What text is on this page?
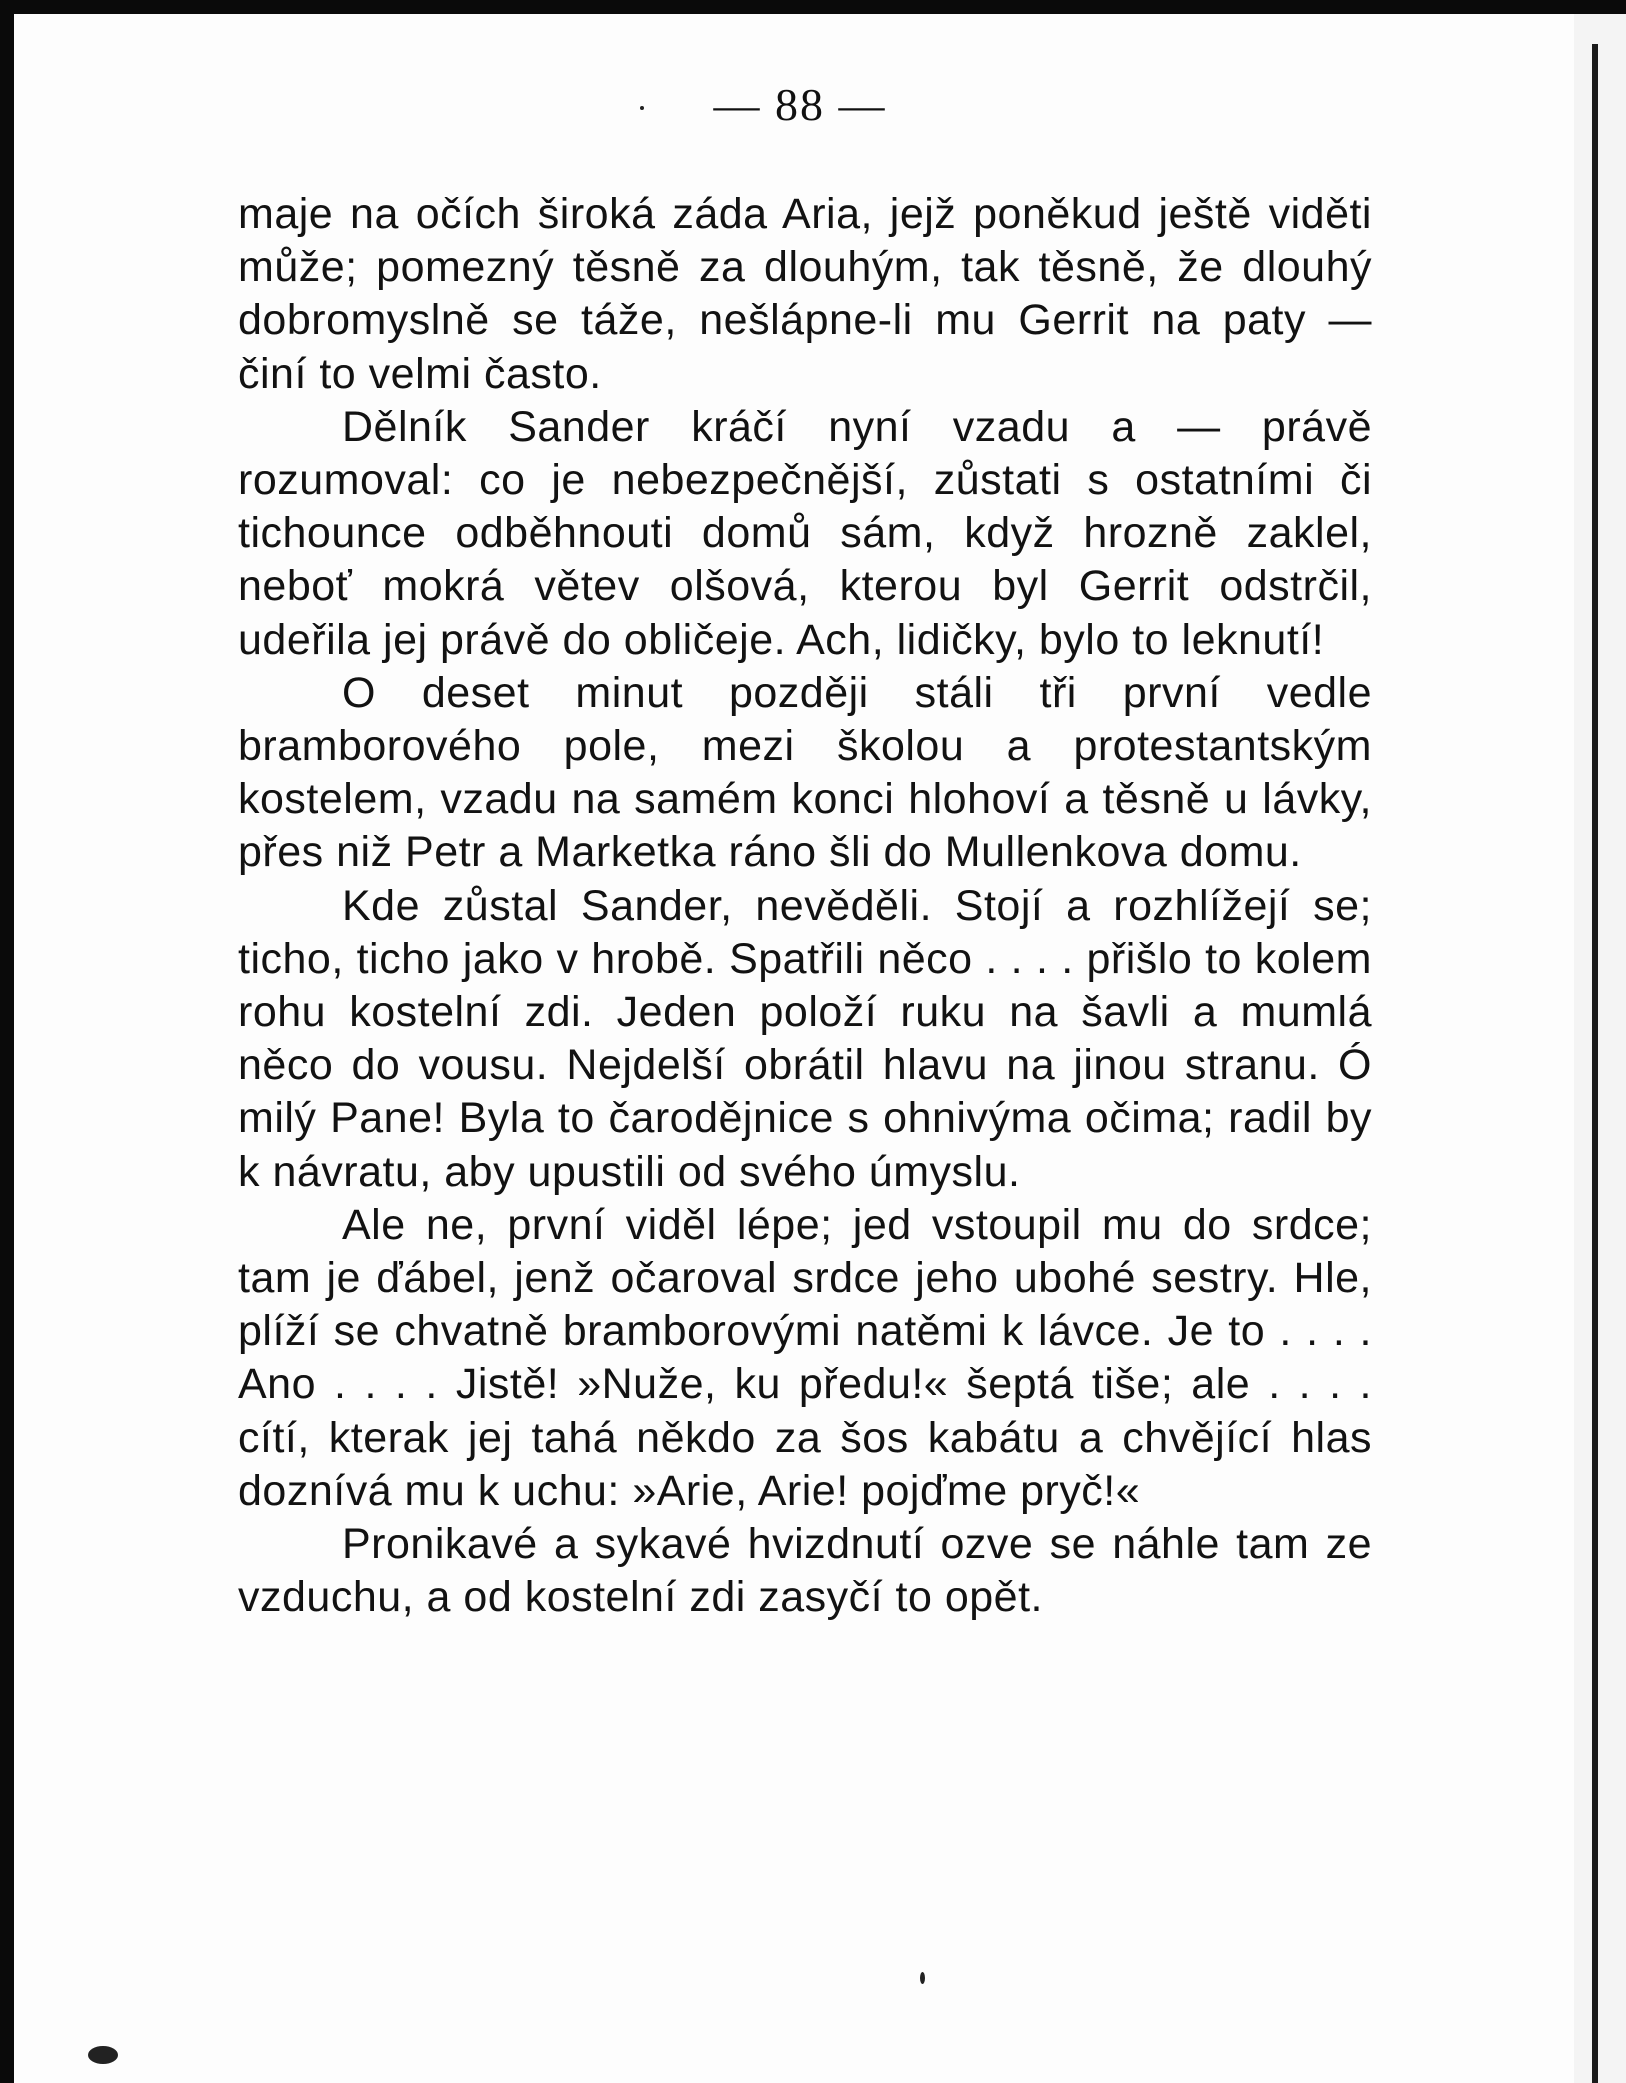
— 88 —

maje na očích široká záda Aria, jejž poněkud ještě viděti může; pomezný těsně za dlouhým, tak těsně, že dlouhý dobromyslně se táže, nešlápne-li mu Gerrit na paty — činí to velmi často.

Dělník Sander kráčí nyní vzadu a — právě rozumoval: co je nebezpečnější, zůstati s ostatními či tichounce odběhnouti domů sám, když hrozně zaklel, neboť mokrá větev olšová, kterou byl Gerrit odstrčil, udeřila jej právě do obličeje. Ach, lidičky, bylo to leknutí!

O deset minut později stáli tři první vedle bramborového pole, mezi školou a protestantským kostelem, vzadu na samém konci hlohoví a těsně u lávky, přes niž Petr a Marketka ráno šli do Mullenkova domu.

Kde zůstal Sander, nevěděli. Stojí a rozhlížejí se; ticho, ticho jako v hrobě. Spatřili něco . . . . přišlo to kolem rohu kostelní zdi. Jeden položí ruku na šavli a mumlá něco do vousu. Nejdelší obrátil hlavu na jinou stranu. Ó milý Pane! Byla to čarodějnice s ohnivýma očima; radil by k návratu, aby upustili od svého úmyslu.

Ale ne, první viděl lépe; jed vstoupil mu do srdce; tam je ďábel, jenž očaroval srdce jeho ubohé sestry. Hle, plíží se chvatně bramborovými natěmi k lávce. Je to . . . . Ano . . . . Jistě! »Nuže, ku předu!« šeptá tiše; ale . . . . cítí, kterak jej tahá někdo za šos kabátu a chvějící hlas doznívá mu k uchu: »Arie, Arie! pojďme pryč!«

Pronikavé a sykavé hvizdnutí ozve se náhle tam ze vzduchu, a od kostelní zdi zasyčí to opět.
